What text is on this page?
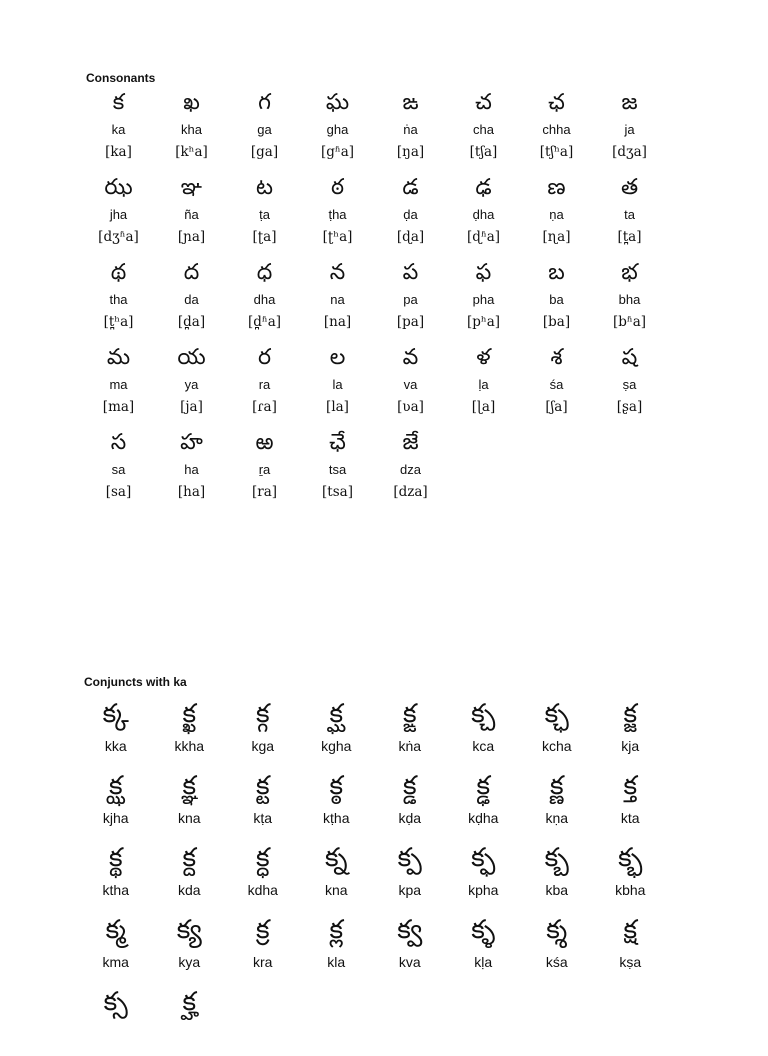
Consonants
క
ka
[ka]
ఖ
kha
[kʰa]
గ
ga
[ga]
ఘ
gha
[gʱa]
ఙ
ṅa
[ŋa]
చ
cha
[tʃa]
ఛ
chha
[tʃʰa]
జ
ja
[dʒa]
ఝ
jha
[dʒʱa]
ఞ
ña
[ɲa]
ట
ṭa
[ʈa]
ఠ
ṭha
[ʈʰa]
డ
ḍa
[ɖa]
ఢ
ḍha
[ɖʱa]
ణ
ṇa
[ɳa]
త
ta
[t̪a]
థ
tha
[t̪ʰa]
ద
da
[d̪a]
ధ
dha
[d̪ʱa]
న
na
[na]
ప
pa
[pa]
ఫ
pha
[pʰa]
బ
ba
[ba]
భ
bha
[bʱa]
మ
ma
[ma]
య
ya
[ja]
ర
ra
[ɾa]
ల
la
[la]
వ
va
[ʋa]
ళ
ḷa
[ɭa]
శ
śa
[ʃa]
ష
ṣa
[ʂa]
స
sa
[sa]
హ
ha
[ha]
ఱ
ṟa
[ra]
ఛే
tsa
[tsa]
జే
dza
[dza]
Conjuncts with ka
క్క
kka
క్ఖ
kkha
క్గ
kga
క్ఘ
kgha
క్ఙ
kṅa
క్చ
kca
క్ఛ
kcha
క్జ
kja
క్ఝ
kjha
క్ఞ
kna
క్ట
kṭa
క్ఠ
kṭha
క్డ
kḍa
క్ఢ
kḍha
క్ణ
kṇa
క్త
kta
క్థ
ktha
క్ద
kda
క్ధ
kdha
క్న
kna
క్ప
kpa
క్ఫ
kpha
క్బ
kba
క్భ
kbha
క్మ
kma
క్య
kya
క్ర
kra
క్ల
kla
క్వ
kva
క్ళ
kḷa
క్శ
kśa
క్ష
kṣa
క్స క్హ
